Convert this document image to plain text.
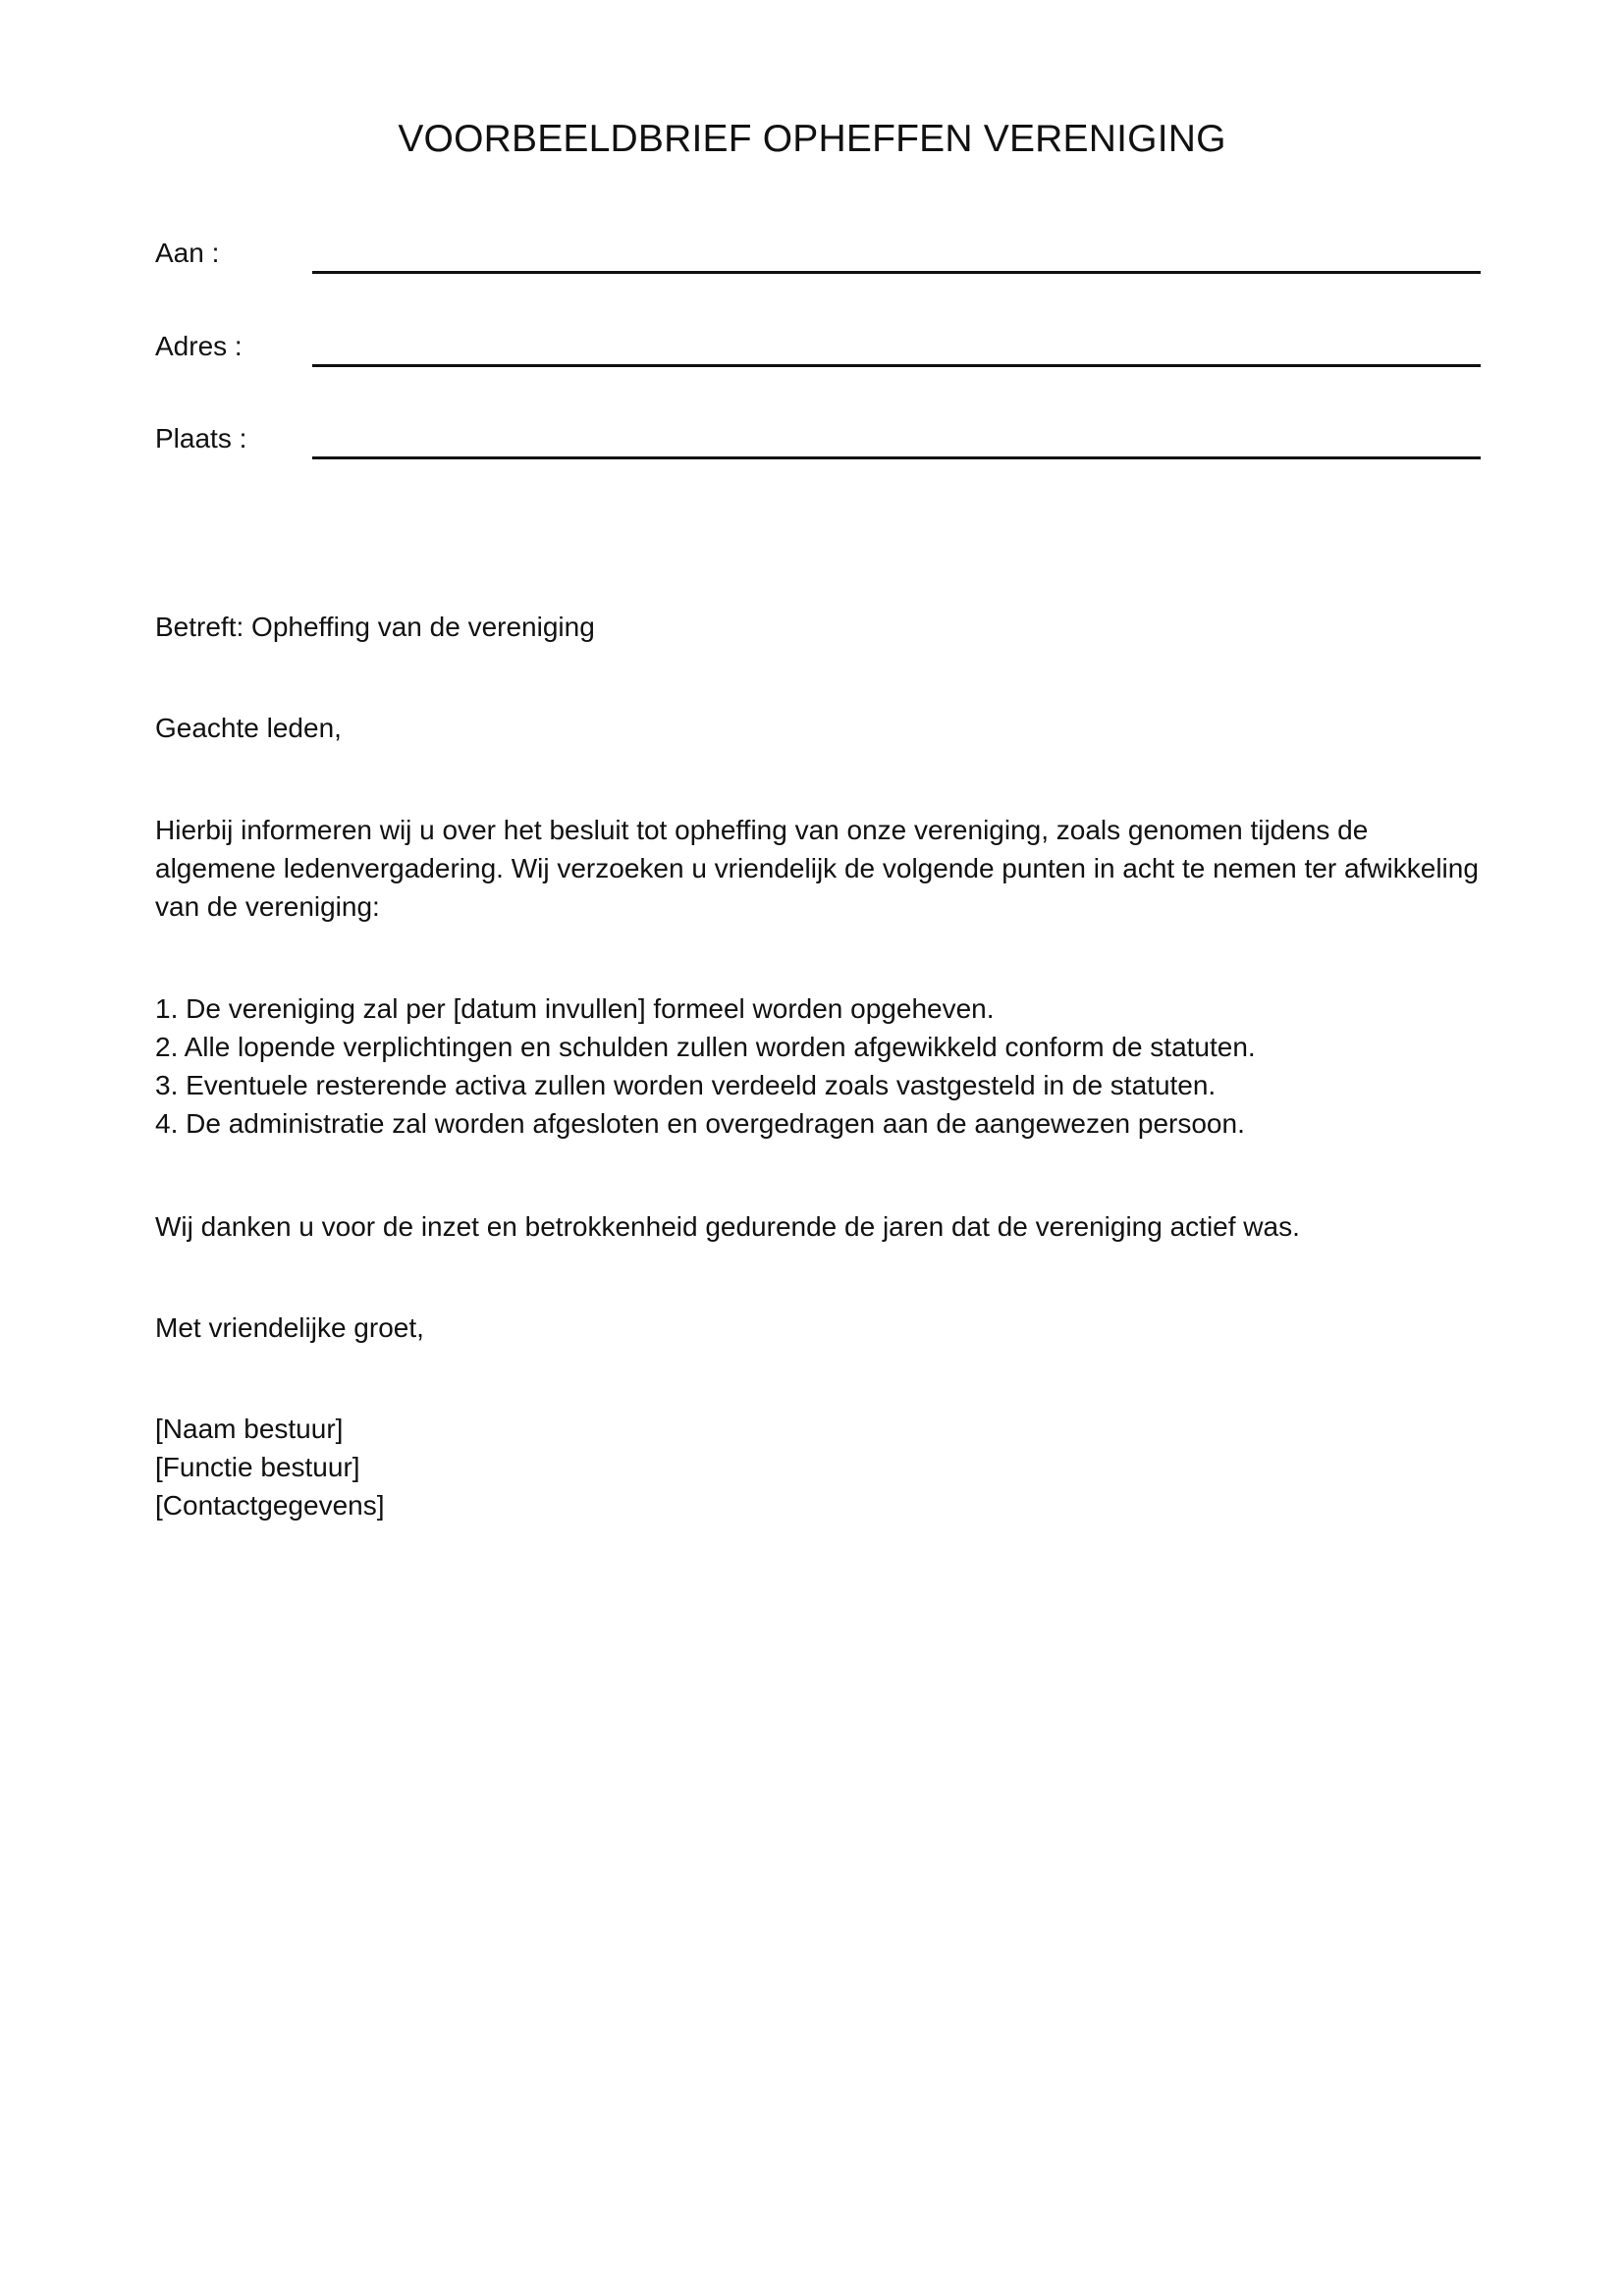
VOORBEELDBRIEF OPHEFFEN VERENIGING
Aan :
Adres :
Plaats :

Betreft: Opheffing van de vereniging

Geachte leden,

Hierbij informeren wij u over het besluit tot opheffing van onze vereniging, zoals genomen tijdens de algemene ledenvergadering. Wij verzoeken u vriendelijk de volgende punten in acht te nemen ter afwikkeling van de vereniging:

1. De vereniging zal per [datum invullen] formeel worden opgeheven.
2. Alle lopende verplichtingen en schulden zullen worden afgewikkeld conform de statuten.
3. Eventuele resterende activa zullen worden verdeeld zoals vastgesteld in de statuten.
4. De administratie zal worden afgesloten en overgedragen aan de aangewezen persoon.

Wij danken u voor de inzet en betrokkenheid gedurende de jaren dat de vereniging actief was.

Met vriendelijke groet,

[Naam bestuur]
[Functie bestuur]
[Contactgegevens]
